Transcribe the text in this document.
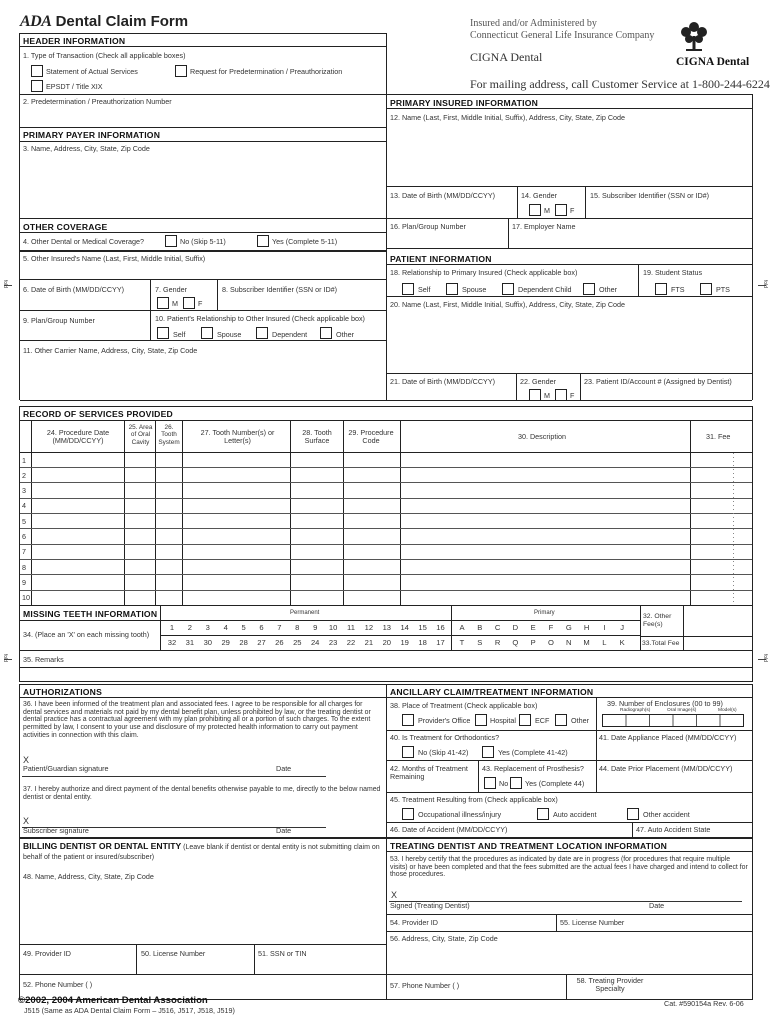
ADA Dental Claim Form	Insured and/or Administered by
Connecticut General Life Insurance Company
CIGNA Dental
For mailing address, call Customer Service at 1-800-244-6224
CIGNA Dental
fold	fold
fold	fold
HEADER INFORMATION
1. Type of Transaction (Check all applicable boxes)
Statement of Actual Services	Request for Predetermination / Preauthorization
EPSDT / Title XIX
2. Predetermination / Preauthorization Number
PRIMARY PAYER INFORMATION
3. Name, Address, City, State, Zip Code
OTHER COVERAGE
4. Other Dental or Medical Coverage?	No (Skip 5-11)	Yes (Complete 5-11)
5. Other Insured's Name (Last, First, Middle Initial, Suffix)
6. Date of Birth (MM/DD/CCYY)	7. Gender
M	F
8. Subscriber Identifier (SSN or ID#)
9. Plan/Group Number	10. Patient's Relationship to Other Insured (Check applicable box)
Self	Spouse	Dependent	Other
11. Other Carrier Name, Address, City, State, Zip Code
PRIMARY INSURED INFORMATION
12. Name (Last, First, Middle Initial, Suffix), Address, City, State, Zip Code
13. Date of Birth (MM/DD/CCYY)	14. Gender
M	F
15. Subscriber Identifier (SSN or ID#)
16. Plan/Group Number	17. Employer Name
PATIENT INFORMATION
18. Relationship to Primary Insured (Check applicable box)
Self	Spouse	Dependent Child	Other
19. Student Status
FTS	PTS
20. Name (Last, First, Middle Initial, Suffix), Address, City, State, Zip Code
21. Date of Birth (MM/DD/CCYY)	22. Gender
M	F
23. Patient ID/Account # (Assigned by Dentist)
RECORD OF SERVICES PROVIDED
24. Procedure Date (MM/DD/CCYY)
25. Area of Oral Cavity
26. Tooth System
27. Tooth Number(s) or Letter(s)
28. Tooth Surface
29. Procedure Code	30. Description	31. Fee
1
2
3
4
5
6
7
8
9
10
MISSING TEETH INFORMATION
34. (Place an 'X' on each missing tooth)
Permanent	Primary
1	2	3	4	5	6	7	8	9	10 11 12 13 14 15 16
32 31 30 29 28 27 26 25 24 23 22 21 20 19 18 17
A	B	C	D	E	F	G	H	I	J
T	S	R	Q	P	O	N	M	L	K
32. Other Fee(s)
33.Total Fee
35. Remarks
AUTHORIZATIONS
36. I have been informed of the treatment plan and associated fees. I agree to be responsible for all charges for dental services and materials not paid by my dental benefit plan, unless prohibited by law, or the treating dentist or dental practice has a contractual agreement with my plan prohibiting all or a portion of such charges. To the extent permitted by law, I consent to your use and disclosure of my protected health information to carry out payment activities in connection with this claim.
X
Patient/Guardian signature	Date
37. I hereby authorize and direct payment of the dental benefits otherwise payable to me, directly to the below named dentist or dental entity.
X
Subscriber signature	Date
ANCILLARY CLAIM/TREATMENT INFORMATION
38. Place of Treatment (Check applicable box)
Provider's Office	Hospital	ECF	Other
39. Number of Enclosures (00 to 99)
Radiograph(s)	Oral Image(s)	Model(s)
40. Is Treatment for Orthodontics?
No (Skip 41-42)	Yes (Complete 41-42)
41. Date Appliance Placed (MM/DD/CCYY)
42. Months of Treatment Remaining
43. Replacement of Prosthesis?
No Yes (Complete 44)
44. Date Prior Placement (MM/DD/CCYY)
45. Treatment Resulting from (Check applicable box)
Occupational illness/injury	Auto accident	Other accident
46. Date of Accident (MM/DD/CCYY)	47. Auto Accident State
BILLING DENTIST OR DENTAL ENTITY (Leave blank if dentist or dental entity is not submitting claim on behalf of the patient or insured/subscriber)
48. Name, Address, City, State, Zip Code
49. Provider ID	50. License Number	51. SSN or TIN
52. Phone Number ( )
TREATING DENTIST AND TREATMENT LOCATION INFORMATION
53. I hereby certify that the procedures as indicated by date are in progress (for procedures that require multiple visits) or have been completed and that the fees submitted are the actual fees I have charged and intend to collect for those procedures.
X
Signed (Treating Dentist)	Date
54. Provider ID	55. License Number
56. Address, City, State, Zip Code
57. Phone Number ( )
58. Treating Provider Specialty
©2002, 2004 American Dental Association
J515 (Same as ADA Dental Claim Form – J516, J517, J518, J519)
Cat. #590154a Rev. 6-06
